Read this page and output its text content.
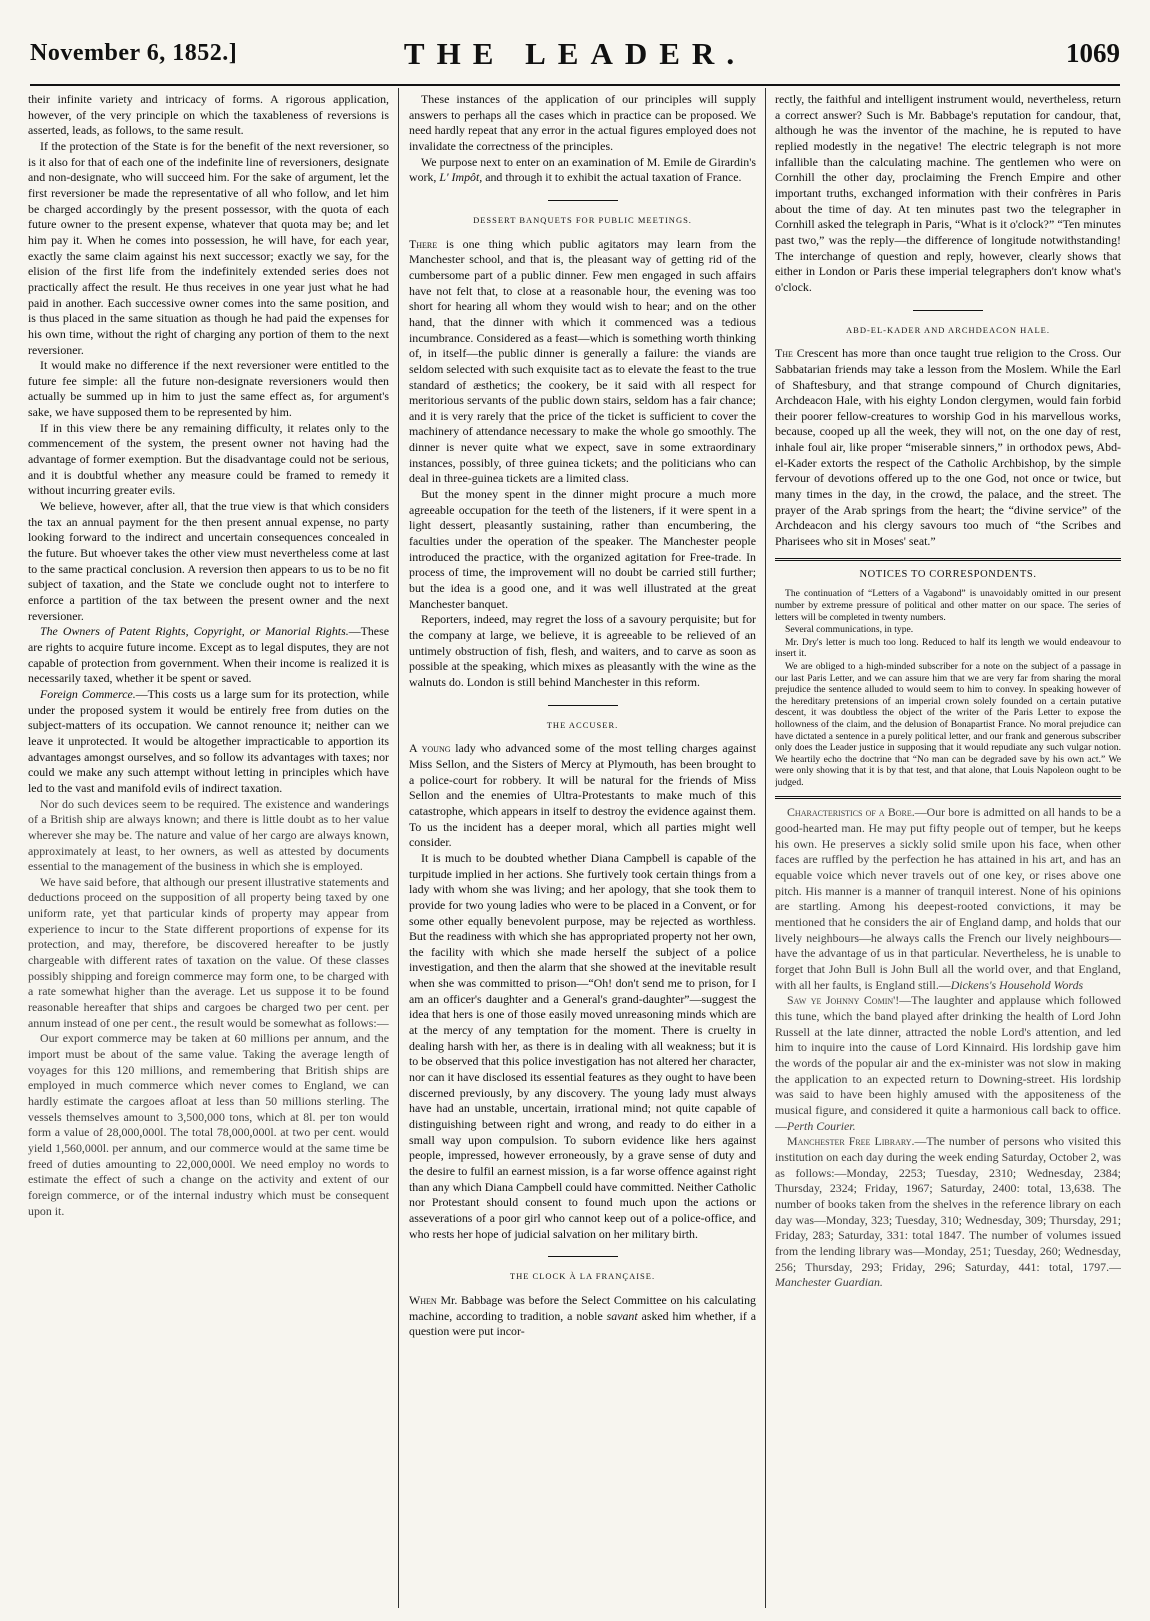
November 6, 1852.]	THE LEADER.	1069

their infinite variety and intricacy of forms. A rigorous application, however, of the very principle on which the taxableness of reversions is asserted, leads, as follows, to the same result.

If the protection of the State is for the benefit of the next reversioner, so is it also for that of each one of the indefinite line of reversioners, designate and non-designate, who will succeed him. For the sake of argument, let the first reversioner be made the representative of all who follow, and let him be charged accordingly by the present possessor, with the quota of each future owner to the present expense, whatever that quota may be; and let him pay it. When he comes into possession, he will have, for each year, exactly the same claim against his next successor; exactly we say, for the elision of the first life from the indefinitely extended series does not practically affect the result. He thus receives in one year just what he had paid in another. Each successive owner comes into the same position, and is thus placed in the same situation as though he had paid the expenses for his own time, without the right of charging any portion of them to the next reversioner.

It would make no difference if the next reversioner were entitled to the future fee simple: all the future non-designate reversioners would then actually be summed up in him to just the same effect as, for argument's sake, we have supposed them to be represented by him.

If in this view there be any remaining difficulty, it relates only to the commencement of the system, the present owner not having had the advantage of former exemption. But the disadvantage could not be serious, and it is doubtful whether any measure could be framed to remedy it without incurring greater evils.

We believe, however, after all, that the true view is that which considers the tax an annual payment for the then present annual expense, no party looking forward to the indirect and uncertain consequences concealed in the future. But whoever takes the other view must nevertheless come at last to the same practical conclusion. A reversion then appears to us to be no fit subject of taxation, and the State we conclude ought not to interfere to enforce a partition of the tax between the present owner and the next reversioner.

The Owners of Patent Rights, Copyright, or Manorial Rights.—These are rights to acquire future income. Except as to legal disputes, they are not capable of protection from government. When their income is realized it is necessarily taxed, whether it be spent or saved.

Foreign Commerce.—This costs us a large sum for its protection, while under the proposed system it would be entirely free from duties on the subject-matters of its occupation. We cannot renounce it; neither can we leave it unprotected. It would be altogether impracticable to apportion its advantages amongst ourselves, and so follow its advantages with taxes; nor could we make any such attempt without letting in principles which have led to the vast and manifold evils of indirect taxation.

Nor do such devices seem to be required. The existence and wanderings of a British ship are always known; and there is little doubt as to her value wherever she may be. The nature and value of her cargo are always known, approximately at least, to her owners, as well as attested by documents essential to the management of the business in which she is employed.

We have said before, that although our present illustrative statements and deductions proceed on the supposition of all property being taxed by one uniform rate, yet that particular kinds of property may appear from experience to incur to the State different proportions of expense for its protection, and may, therefore, be discovered hereafter to be justly chargeable with different rates of taxation on the value. Of these classes possibly shipping and foreign commerce may form one, to be charged with a rate somewhat higher than the average. Let us suppose it to be found reasonable hereafter that ships and cargoes be charged two per cent. per annum instead of one per cent., the result would be somewhat as follows:—

Our export commerce may be taken at 60 millions per annum, and the import must be about of the same value. Taking the average length of voyages for this 120 millions, and remembering that British ships are employed in much commerce which never comes to England, we can hardly estimate the cargoes afloat at less than 50 millions sterling. The vessels themselves amount to 3,500,000 tons, which at 8l. per ton would form a value of 28,000,000l. The total 78,000,000l. at two per cent. would yield 1,560,000l. per annum, and our commerce would at the same time be freed of duties amounting to 22,000,000l. We need employ no words to estimate the effect of such a change on the activity and extent of our foreign commerce, or of the internal industry which must be consequent upon it.

These instances of the application of our principles will supply answers to perhaps all the cases which in practice can be proposed. We need hardly repeat that any error in the actual figures employed does not invalidate the correctness of the principles.

We purpose next to enter on an examination of M. Emile de Girardin's work, L' Impôt, and through it to exhibit the actual taxation of France.

DESSERT BANQUETS FOR PUBLIC MEETINGS.

There is one thing which public agitators may learn from the Manchester school, and that is, the pleasant way of getting rid of the cumbersome part of a public dinner. Few men engaged in such affairs have not felt that, to close at a reasonable hour, the evening was too short for hearing all whom they would wish to hear; and on the other hand, that the dinner with which it commenced was a tedious incumbrance. Considered as a feast—which is something worth thinking of, in itself—the public dinner is generally a failure: the viands are seldom selected with such exquisite tact as to elevate the feast to the true standard of æsthetics; the cookery, be it said with all respect for meritorious servants of the public down stairs, seldom has a fair chance; and it is very rarely that the price of the ticket is sufficient to cover the machinery of attendance necessary to make the whole go smoothly. The dinner is never quite what we expect, save in some extraordinary instances, possibly, of three guinea tickets; and the politicians who can deal in three-guinea tickets are a limited class.

But the money spent in the dinner might procure a much more agreeable occupation for the teeth of the listeners, if it were spent in a light dessert, pleasantly sustaining, rather than encumbering, the faculties under the operation of the speaker. The Manchester people introduced the practice, with the organized agitation for Free-trade. In process of time, the improvement will no doubt be carried still further; but the idea is a good one, and it was well illustrated at the great Manchester banquet.

Reporters, indeed, may regret the loss of a savoury perquisite; but for the company at large, we believe, it is agreeable to be relieved of an untimely obstruction of fish, flesh, and waiters, and to carve as soon as possible at the speaking, which mixes as pleasantly with the wine as the walnuts do. London is still behind Manchester in this reform.

THE ACCUSER.

A young lady who advanced some of the most telling charges against Miss Sellon, and the Sisters of Mercy at Plymouth, has been brought to a police-court for robbery. It will be natural for the friends of Miss Sellon and the enemies of Ultra-Protestants to make much of this catastrophe, which appears in itself to destroy the evidence against them. To us the incident has a deeper moral, which all parties might well consider.

It is much to be doubted whether Diana Campbell is capable of the turpitude implied in her actions. She furtively took certain things from a lady with whom she was living; and her apology, that she took them to provide for two young ladies who were to be placed in a Convent, or for some other equally benevolent purpose, may be rejected as worthless. But the readiness with which she has appropriated property not her own, the facility with which she made herself the subject of a police investigation, and then the alarm that she showed at the inevitable result when she was committed to prison—“Oh! don't send me to prison, for I am an officer's daughter and a General's grand-daughter”—suggest the idea that hers is one of those easily moved unreasoning minds which are at the mercy of any temptation for the moment. There is cruelty in dealing harsh with her, as there is in dealing with all weakness; but it is to be observed that this police investigation has not altered her character, nor can it have disclosed its essential features as they ought to have been discerned previously, by any discovery. The young lady must always have had an unstable, uncertain, irrational mind; not quite capable of distinguishing between right and wrong, and ready to do either in a small way upon compulsion. To suborn evidence like hers against people, impressed, however erroneously, by a grave sense of duty and the desire to fulfil an earnest mission, is a far worse offence against right than any which Diana Campbell could have committed. Neither Catholic nor Protestant should consent to found much upon the actions or asseverations of a poor girl who cannot keep out of a police-office, and who rests her hope of judicial salvation on her military birth.

THE CLOCK À LA FRANÇAISE.

When Mr. Babbage was before the Select Committee on his calculating machine, according to tradition, a noble savant asked him whether, if a question were put incor-

rectly, the faithful and intelligent instrument would, nevertheless, return a correct answer? Such is Mr. Babbage's reputation for candour, that, although he was the inventor of the machine, he is reputed to have replied modestly in the negative! The electric telegraph is not more infallible than the calculating machine. The gentlemen who were on Cornhill the other day, proclaiming the French Empire and other important truths, exchanged information with their confrères in Paris about the time of day. At ten minutes past two the telegrapher in Cornhill asked the telegraph in Paris, “What is it o'clock?” “Ten minutes past two,” was the reply—the difference of longitude notwithstanding! The interchange of question and reply, however, clearly shows that either in London or Paris these imperial telegraphers don't know what's o'clock.

ABD-EL-KADER AND ARCHDEACON HALE.

The Crescent has more than once taught true religion to the Cross. Our Sabbatarian friends may take a lesson from the Moslem. While the Earl of Shaftesbury, and that strange compound of Church dignitaries, Archdeacon Hale, with his eighty London clergymen, would fain forbid their poorer fellow-creatures to worship God in his marvellous works, because, cooped up all the week, they will not, on the one day of rest, inhale foul air, like proper “miserable sinners,” in orthodox pews, Abd-el-Kader extorts the respect of the Catholic Archbishop, by the simple fervour of devotions offered up to the one God, not once or twice, but many times in the day, in the crowd, the palace, and the street. The prayer of the Arab springs from the heart; the “divine service” of the Archdeacon and his clergy savours too much of “the Scribes and Pharisees who sit in Moses' seat.”

NOTICES TO CORRESPONDENTS.

The continuation of “Letters of a Vagabond” is unavoidably omitted in our present number by extreme pressure of political and other matter on our space. The series of letters will be completed in twenty numbers.

Several communications, in type.

Mr. Dry's letter is much too long. Reduced to half its length we would endeavour to insert it.

We are obliged to a high-minded subscriber for a note on the subject of a passage in our last Paris Letter, and we can assure him that we are very far from sharing the moral prejudice the sentence alluded to would seem to him to convey. In speaking however of the hereditary pretensions of an imperial crown solely founded on a certain putative descent, it was doubtless the object of the writer of the Paris Letter to expose the hollowness of the claim, and the delusion of Bonapartist France. No moral prejudice can have dictated a sentence in a purely political letter, and our frank and generous subscriber only does the Leader justice in supposing that it would repudiate any such vulgar notion. We heartily echo the doctrine that “No man can be degraded save by his own act.” We were only showing that it is by that test, and that alone, that Louis Napoleon ought to be judged.

Characteristics of a Bore.—Our bore is admitted on all hands to be a good-hearted man. He may put fifty people out of temper, but he keeps his own. He preserves a sickly solid smile upon his face, when other faces are ruffled by the perfection he has attained in his art, and has an equable voice which never travels out of one key, or rises above one pitch. His manner is a manner of tranquil interest. None of his opinions are startling. Among his deepest-rooted convictions, it may be mentioned that he considers the air of England damp, and holds that our lively neighbours—he always calls the French our lively neighbours—have the advantage of us in that particular. Nevertheless, he is unable to forget that John Bull is John Bull all the world over, and that England, with all her faults, is England still.—Dickens's Household Words

Saw ye Johnny Comin'!—The laughter and applause which followed this tune, which the band played after drinking the health of Lord John Russell at the late dinner, attracted the noble Lord's attention, and led him to inquire into the cause of Lord Kinnaird. His lordship gave him the words of the popular air and the ex-minister was not slow in making the application to an expected return to Downing-street. His lordship was said to have been highly amused with the appositeness of the musical figure, and considered it quite a harmonious call back to office.—Perth Courier.

Manchester Free Library.—The number of persons who visited this institution on each day during the week ending Saturday, October 2, was as follows:—Monday, 2253; Tuesday, 2310; Wednesday, 2384; Thursday, 2324; Friday, 1967; Saturday, 2400: total, 13,638. The number of books taken from the shelves in the reference library on each day was—Monday, 323; Tuesday, 310; Wednesday, 309; Thursday, 291; Friday, 283; Saturday, 331: total 1847. The number of volumes issued from the lending library was—Monday, 251; Tuesday, 260; Wednesday, 256; Thursday, 293; Friday, 296; Saturday, 441: total, 1797.—Manchester Guardian.
